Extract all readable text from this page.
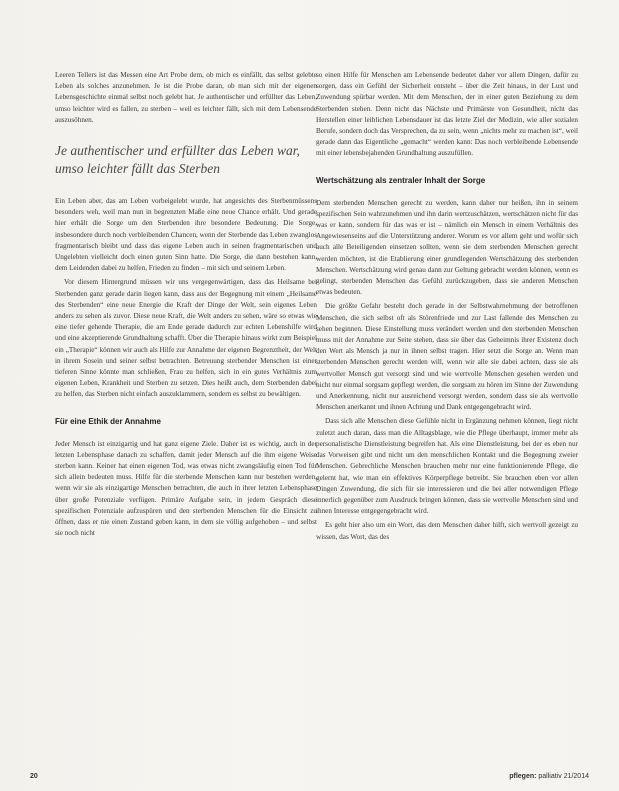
Leeren Tellers ist das Messen eine Art Probe dem, ob mich es einfällt, das selbst gelebte Leben als solches anzunehmen. Je ist die Probe daran, ob man sich mit der eigenen Lebensgeschichte einmal selbst noch gelebt hat. Je authentischer und erfüllter das Leben, umso leichter wird es fallen, zu sterben – weil es leichter fällt, sich mit dem Lebensende auszusöhnen.

Je authentischer und erfüllter das Leben war, umso leichter fällt das Sterben

Ein Leben aber, das am Leben vorbeigelebt wurde, hat angesichts des Sterbenmüssens besonders weh, weil man nun in begrenzten Maße eine neue Chance erhält. Und gerade hier erhält die Sorge um den Sterbenden ihre besondere Bedeutung. Die Sorge, insbesondere durch noch verbleibenden Chancen, wenn der Sterbende das Leben zwanglos fragmentarisch bleibt und dass das eigene Leben auch in seinen fragmentarischen und Ungelebten vielleicht doch einen guten Sinn hatte. Die Sorge, die dann bestehen kann, dem Leidenden dabei zu helfen, Frieden zu finden – mit sich und seinem Leben.

Vor diesem Hintergrund müssen wir uns vergegenwärtigen, dass das Heilsame bei Sterbenden ganz gerade darin liegen kann, dass aus der Begegnung mit einem „Heilsame des Sterbenden“ eine neue Energie die Kraft der Dinge der Welt, sein eigenes Leben anders zu sehen als zuvor. Diese neue Kraft, die Welt anders zu sehen, wäre so etwas wie eine tiefer gehende Therapie, die am Ende gerade dadurch zur echten Lebenshilfe wird und eine akzeptierende Grundhaltung schafft. Über die Therapie hinaus wirkt zum Beispiel ein „Therapie“ können wir auch als Hilfe zur Annahme der eigenen Begrenztheit, der Welt in ihrem Sosein und seiner selbst betrachten. Betreuung sterbender Menschen ist einer tieferen Sinne könnte man schließen, Frau zu helfen, sich in ein gutes Verhältnis zum eigenen Leben, Krankheit und Sterben zu setzen. Dies heißt auch, dem Sterbenden dabei zu helfen, das Sterben nicht einfach auszuklammern, sondern es selbst zu bewältigen.

Für eine Ethik der Annahme

Jeder Mensch ist einzigartig und hat ganz eigene Ziele. Daher ist es wichtig, auch in der letzten Lebensphase danach zu schaffen, damit jeder Mensch auf die ihm eigene Weise sterben kann. Keiner hat einen eigenen Tod, was etwas nicht zwangsläufig einen Tod für sich allein bedeuten muss. Hilfe für die sterbende Menschen kann nur bestehen werden, wenn wir sie als einzigartige Menschen betrachten, die auch in ihrer letzten Lebensphase über große Potenziale verfügen. Primäre Aufgabe sein, in jedem Gespräch diese spezifischen Potenziale aufzuspüren und den sterbenden Menschen für die Einsicht zu öffnen, dass er nie einen Zustand geben kann, in dem sie völlig aufgehoben – und selbst sie noch nicht

so einen Hilfe für Menschen am Lebensende bedeutet daher vor allem Dingen, dafür zu sorgen, dass ein Gefühl der Sicherheit entsteht – über die Zeit hinaus, in der Lust und Zuwendung spürbar werden. Mit dem Menschen, der in einer guten Beziehung zu dem Sterbenden stehen. Denn nicht das Nächste und Primärste von Gesundheit, nicht das Herstellen einer leiblichen Lebensdauer ist das letzte Ziel der Medizin, wie aller sozialen Berufe, sondern doch das Versprechen, da zu sein, wenn „nichts mehr zu machen ist“, weil gerade dann das Eigentliche „gemacht“ werden kann: Das noch verbleibende Lebensende mit einer lebensbejahenden Grundhaltung auszufüllen.

Wertschätzung als zentraler Inhalt der Sorge

Dem sterbenden Menschen gerecht zu werden, kann daher nur heißen, ihn in seinem spezifischen Sein wahrzunehmen und ihn darin wertzuschätzen, wertschätzen nicht für das was er kann, sondern für das was er ist – nämlich ein Mensch in einem Verhältnis des Angewiesenseins auf die Unterstützung anderer. Worum es vor allem geht und wofür sich auch alle Beteiligenden einsetzen sollten, wenn sie dem sterbenden Menschen gerecht werden möchten, ist die Etablierung einer grundlegenden Wertschätzung des sterbenden Menschen. Wertschätzung wird genau dann zur Geltung gebracht werden können, wenn es gelingt, sterbenden Menschen das Gefühl zurückzugeben, dass sie anderen Menschen etwas bedeuten.

Die größte Gefahr besteht doch gerade in der Selbstwahrnehmung der betroffenen Menschen, die sich selbst oft als Störenfriede und zur Last fallende des Menschen zu sehen beginnen. Diese Einstellung muss verändert werden und den sterbenden Menschen muss mit der Annahme zur Seite stehen, dass sie über das Geheimnis ihrer Existenz doch den Wert als Mensch ja nur in ihnen selbst tragen. Hier setzt die Sorge an. Wenn man sterbenden Menschen gerecht werden will, wenn wir alle sie dabei achten, dass sie als wertvoller Mensch gut versorgt sind und wie wertvolle Menschen gesehen werden und nicht nur einmal sorgsam gepflegt werden, die sorgsam zu hören im Sinne der Zuwendung und Anerkennung, nicht nur ausreichend versorgt werden, sondern dass sie als wertvolle Menschen anerkannt und ihnen Achtung und Dank entgegengebracht wird.

Dass sich alle Menschen diese Gefühle nicht in Ergänzung nehmen können, liegt nicht zuletzt auch daran, dass man die Alltagsblage, wie die Pflege überhaupt, immer mehr als personalistische Dienstleistung begreifen hat. Als eine Dienstleistung, bei der es eben nur das Vorweisen gibt und nicht um den menschlichen Kontakt und die Begegnung zweier Menschen. Gebrechliche Menschen brauchen mehr nur eine funktionierende Pflege, die gelernt hat, wie man ein effektives Körperpflege betreibt. Sie brauchen eben vor allen Dingen Zuwendung, die sich für sie interessieren und die bei aller notwendigen Pflege innerlich gegenüber zum Ausdruck bringen können, dass sie wertvolle Menschen sind und ihnen Interesse entgegengebracht wird.

Es geht hier also um ein Wort, das dem Menschen daher hilft, sich wertvoll gezeigt zu wissen, das Wort, das des

20	pflegen: palliativ 21/2014
